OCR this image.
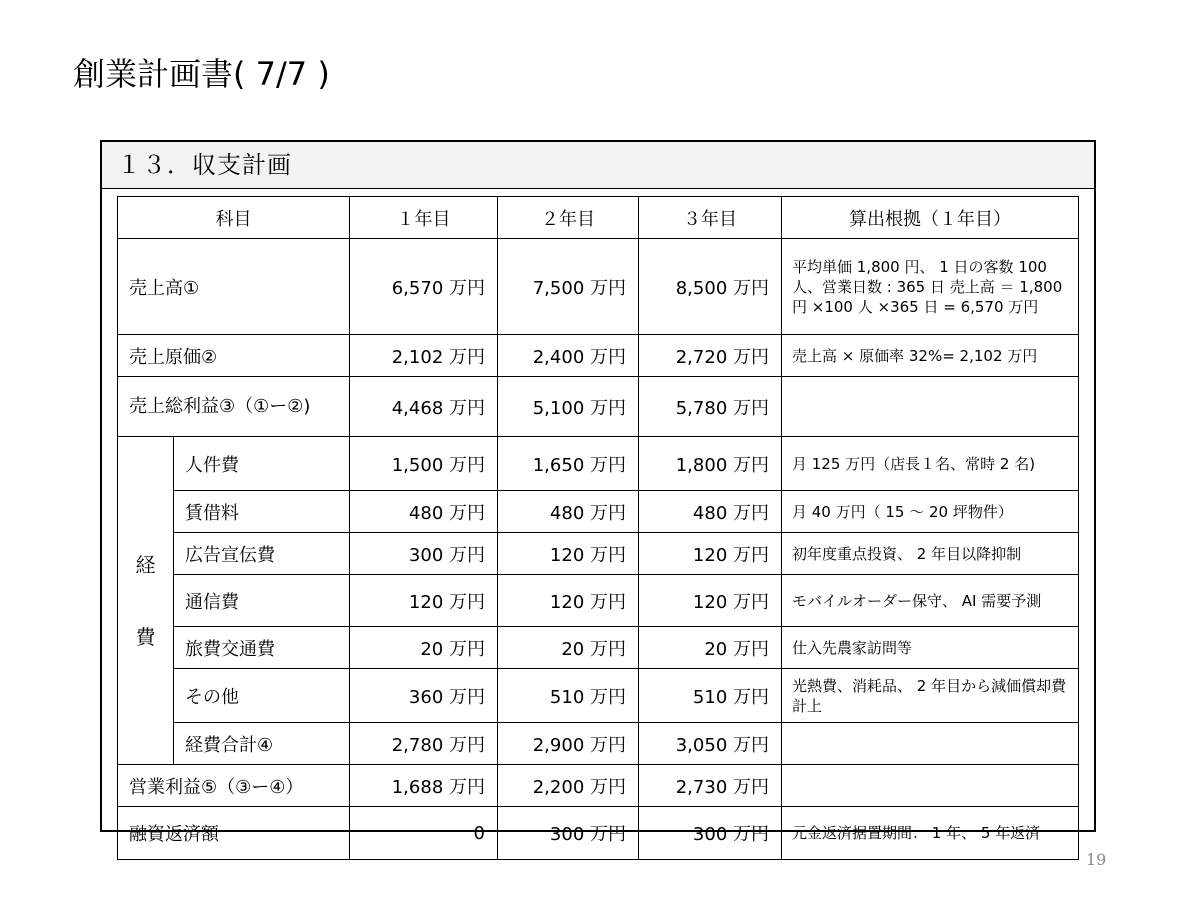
創業計画書( 7/7 )
１３．収支計画
科目		１年目	２年目	３年目	算出根拠（１年目）
売上高①		6,570 万円	7,500 万円	8,500 万円	平均単価 1,800 円、 1 日の客数 100 人、営業日数 : 365 日 売上高 ＝ 1,800 円 ×100 人 ×365 日 = 6,570 万円
売上原価②		2,102 万円	2,400 万円	2,720 万円	売上高 × 原価率 32%= 2,102 万円
売上総利益③（①ー②)		4,468 万円	5,100 万円	5,780 万円	

経
費	人件費	1,500 万円	1,650 万円	1,800 万円	月 125 万円（店長１名、常時 2 名)
	賃借料	480 万円	480 万円	480 万円	月 40 万円（ 15 〜 20 坪物件）
	広告宣伝費	300 万円	120 万円	120 万円	初年度重点投資、 2 年目以降抑制
	通信費	120 万円	120 万円	120 万円	モバイルオーダー保守、 AI 需要予測
	旅費交通費	20 万円	20 万円	20 万円	仕入先農家訪問等
	その他	360 万円	510 万円	510 万円	光熱費、消耗品、 2 年目から減価償却費計上
	経費合計④	2,780 万円	2,900 万円	3,050 万円	
営業利益⑤（③ー④）		1,688 万円	2,200 万円	2,730 万円	
融資返済額		0	300 万円	300 万円	元金返済据置期間： 1 年、 5 年返済
19
